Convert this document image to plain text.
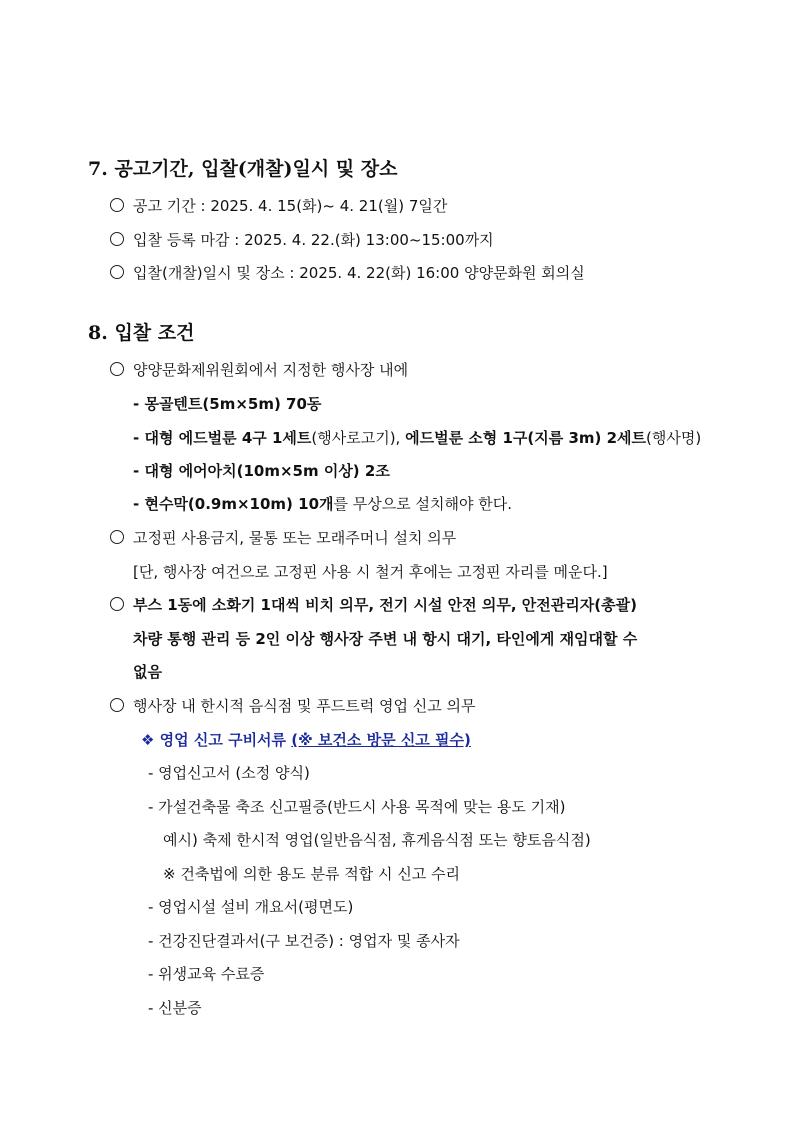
7. 공고기간, 입찰(개찰)일시 및 장소
공고 기간 : 2025. 4. 15(화)~ 4. 21(월) 7일간
입찰 등록 마감 : 2025. 4. 22.(화) 13:00~15:00까지
입찰(개찰)일시 및 장소 : 2025. 4. 22(화) 16:00 양양문화원 회의실
8. 입찰 조건
양양문화제위원회에서 지정한 행사장 내에
- 몽골텐트(5m×5m) 70동
- 대형 에드벌룬 4구 1세트(행사로고기), 에드벌룬 소형 1구(지름 3m) 2세트(행사명)
- 대형 에어아치(10m×5m 이상) 2조
- 현수막(0.9m×10m) 10개를 무상으로 설치해야 한다.
고정핀 사용금지, 물통 또는 모래주머니 설치 의무
[단, 행사장 여건으로 고정핀 사용 시 철거 후에는 고정핀 자리를 메운다.]
부스 1동에 소화기 1대씩 비치 의무, 전기 시설 안전 의무, 안전관리자(총괄)
차량 통행 관리 등 2인 이상 행사장 주변 내 항시 대기, 타인에게 재임대할 수
없음
행사장 내 한시적 음식점 및 푸드트럭 영업 신고 의무
❖ 영업 신고 구비서류 (※ 보건소 방문 신고 필수)
- 영업신고서 (소정 양식)
- 가설건축물 축조 신고필증(반드시 사용 목적에 맞는 용도 기재)
예시) 축제 한시적 영업(일반음식점, 휴게음식점 또는 향토음식점)
※ 건축법에 의한 용도 분류 적합 시 신고 수리
- 영업시설 설비 개요서(평면도)
- 건강진단결과서(구 보건증) : 영업자 및 종사자
- 위생교육 수료증
- 신분증
